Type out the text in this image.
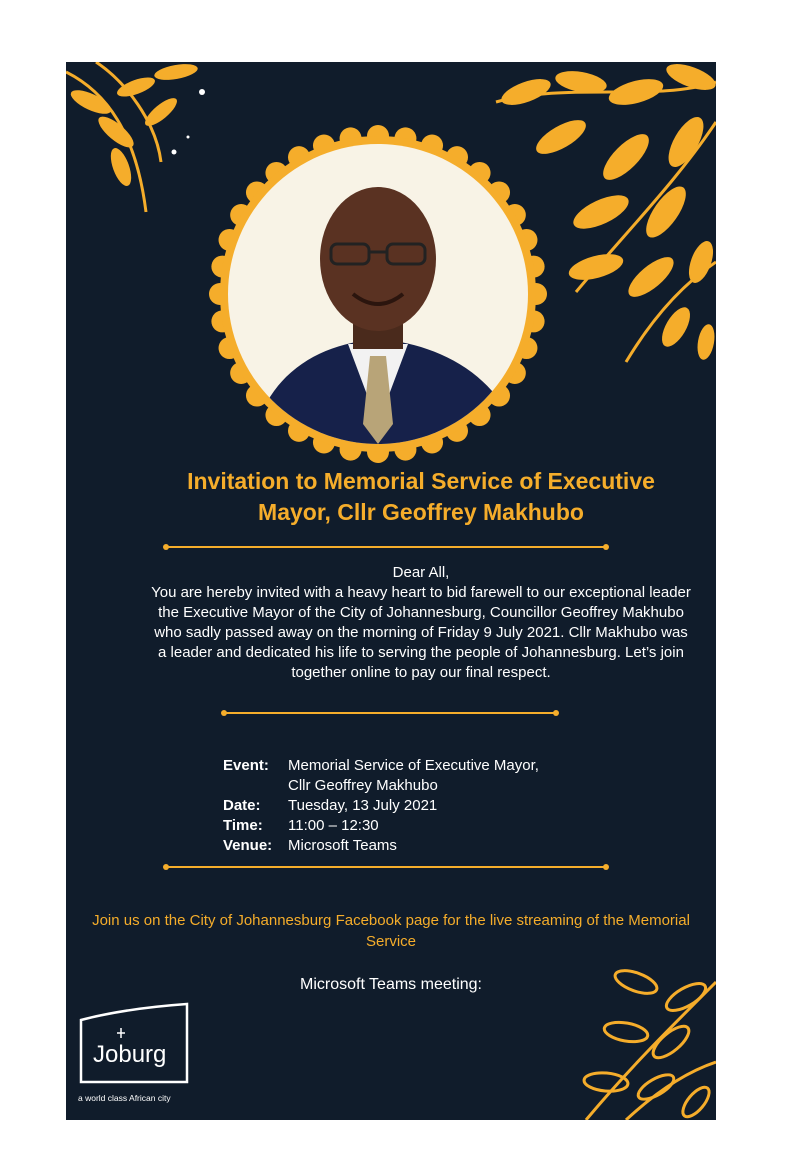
Invitation to Memorial Service of Executive
Mayor, Cllr Geoffrey Makhubo

Dear All,

You are hereby invited with a heavy heart to bid farewell to our exceptional leader the Executive Mayor of the City of Johannesburg, Councillor Geoffrey Makhubo who sadly passed away on the morning of Friday 9 July 2021. Cllr Makhubo was a leader and dedicated his life to serving the people of Johannesburg. Let’s join together online to pay our final respect.

Event:	Memorial Service of Executive Mayor,
Cllr Geoffrey Makhubo
Date:	Tuesday, 13 July 2021
Time:	11:00 – 12:30
Venue:	Microsoft Teams
Join us on the City of Johannesburg Facebook page for the live streaming of the Memorial Service
Microsoft Teams meeting:
Joburg
a world class African city
